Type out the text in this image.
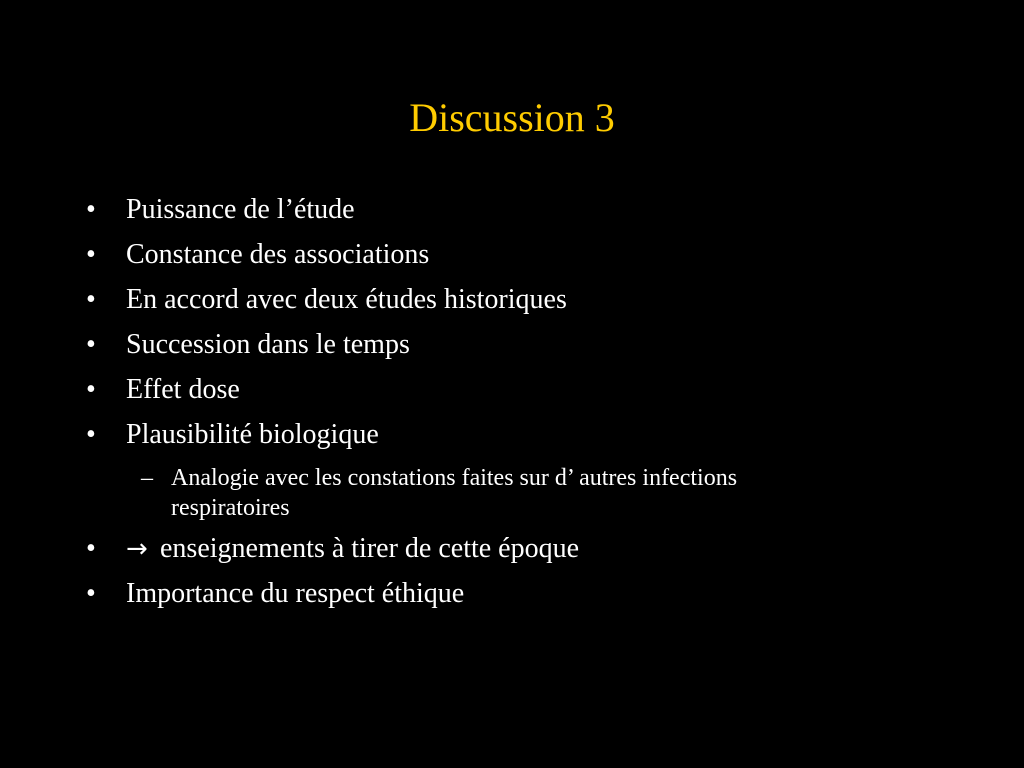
Discussion 3
• Puissance de l’étude
• Constance des associations
• En accord avec deux études historiques
• Succession dans le temps
• Effet dose
• Plausibilité biologique
– Analogie avec les constations faites sur d’ autres infections respiratoires
• → enseignements à tirer de cette époque
• Importance du respect éthique
